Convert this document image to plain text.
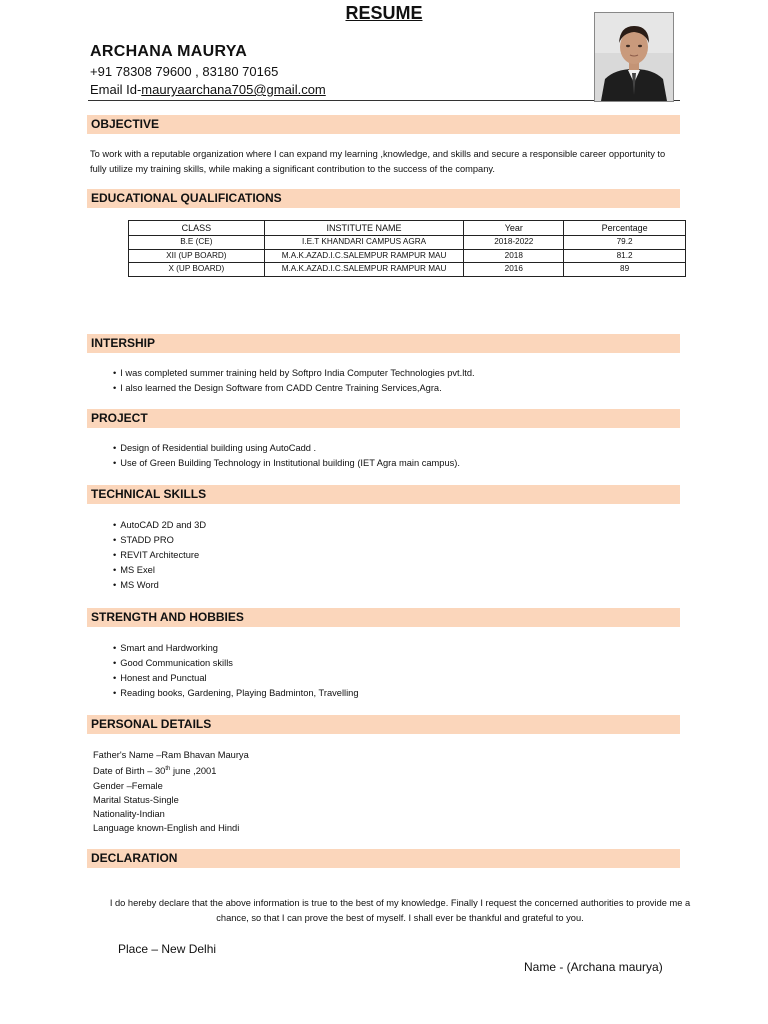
RESUME
ARCHANA MAURYA
+91 78308 79600 , 83180 70165
Email Id-mauryaarchana705@gmail.com
OBJECTIVE
To work with a reputable organization where I can expand my learning ,knowledge, and skills and secure a responsible career opportunity to fully utilize my training skills, while making a significant contribution to the success of the company.
EDUCATIONAL QUALIFICATIONS
CLASS	INSTITUTE NAME	Year	Percentage
B.E (CE)	I.E.T KHANDARI CAMPUS AGRA	2018-2022	79.2
XII (UP BOARD)	M.A.K.AZAD.I.C.SALEMPUR RAMPUR MAU	2018	81.2
X (UP BOARD)	M.A.K.AZAD.I.C.SALEMPUR RAMPUR MAU	2016	89
INTERSHIP
• I was completed summer training held by Softpro India Computer Technologies pvt.ltd.
• I also learned the Design Software from CADD Centre Training Services,Agra.
PROJECT
• Design of Residential building using AutoCadd .
• Use of Green Building Technology in Institutional building (IET Agra main campus).
TECHNICAL SKILLS
• AutoCAD 2D and 3D
• STADD PRO
• REVIT Architecture
• MS Exel
• MS Word
STRENGTH AND HOBBIES
• Smart and Hardworking
• Good Communication skills
• Honest and Punctual
• Reading books, Gardening, Playing Badminton, Travelling
PERSONAL DETAILS

Father's Name –Ram Bhavan Maurya

Date of Birth – 30th june ,2001

Gender –Female

Marital Status-Single

Nationality-Indian

Language known-English and Hindi

DECLARATION
I do hereby declare that the above information is true to the best of my knowledge. Finally I request the concerned authorities to provide me a chance, so that I can prove the best of myself. I shall ever be thankful and grateful to you.
Place – New Delhi
Name - (Archana maurya)
